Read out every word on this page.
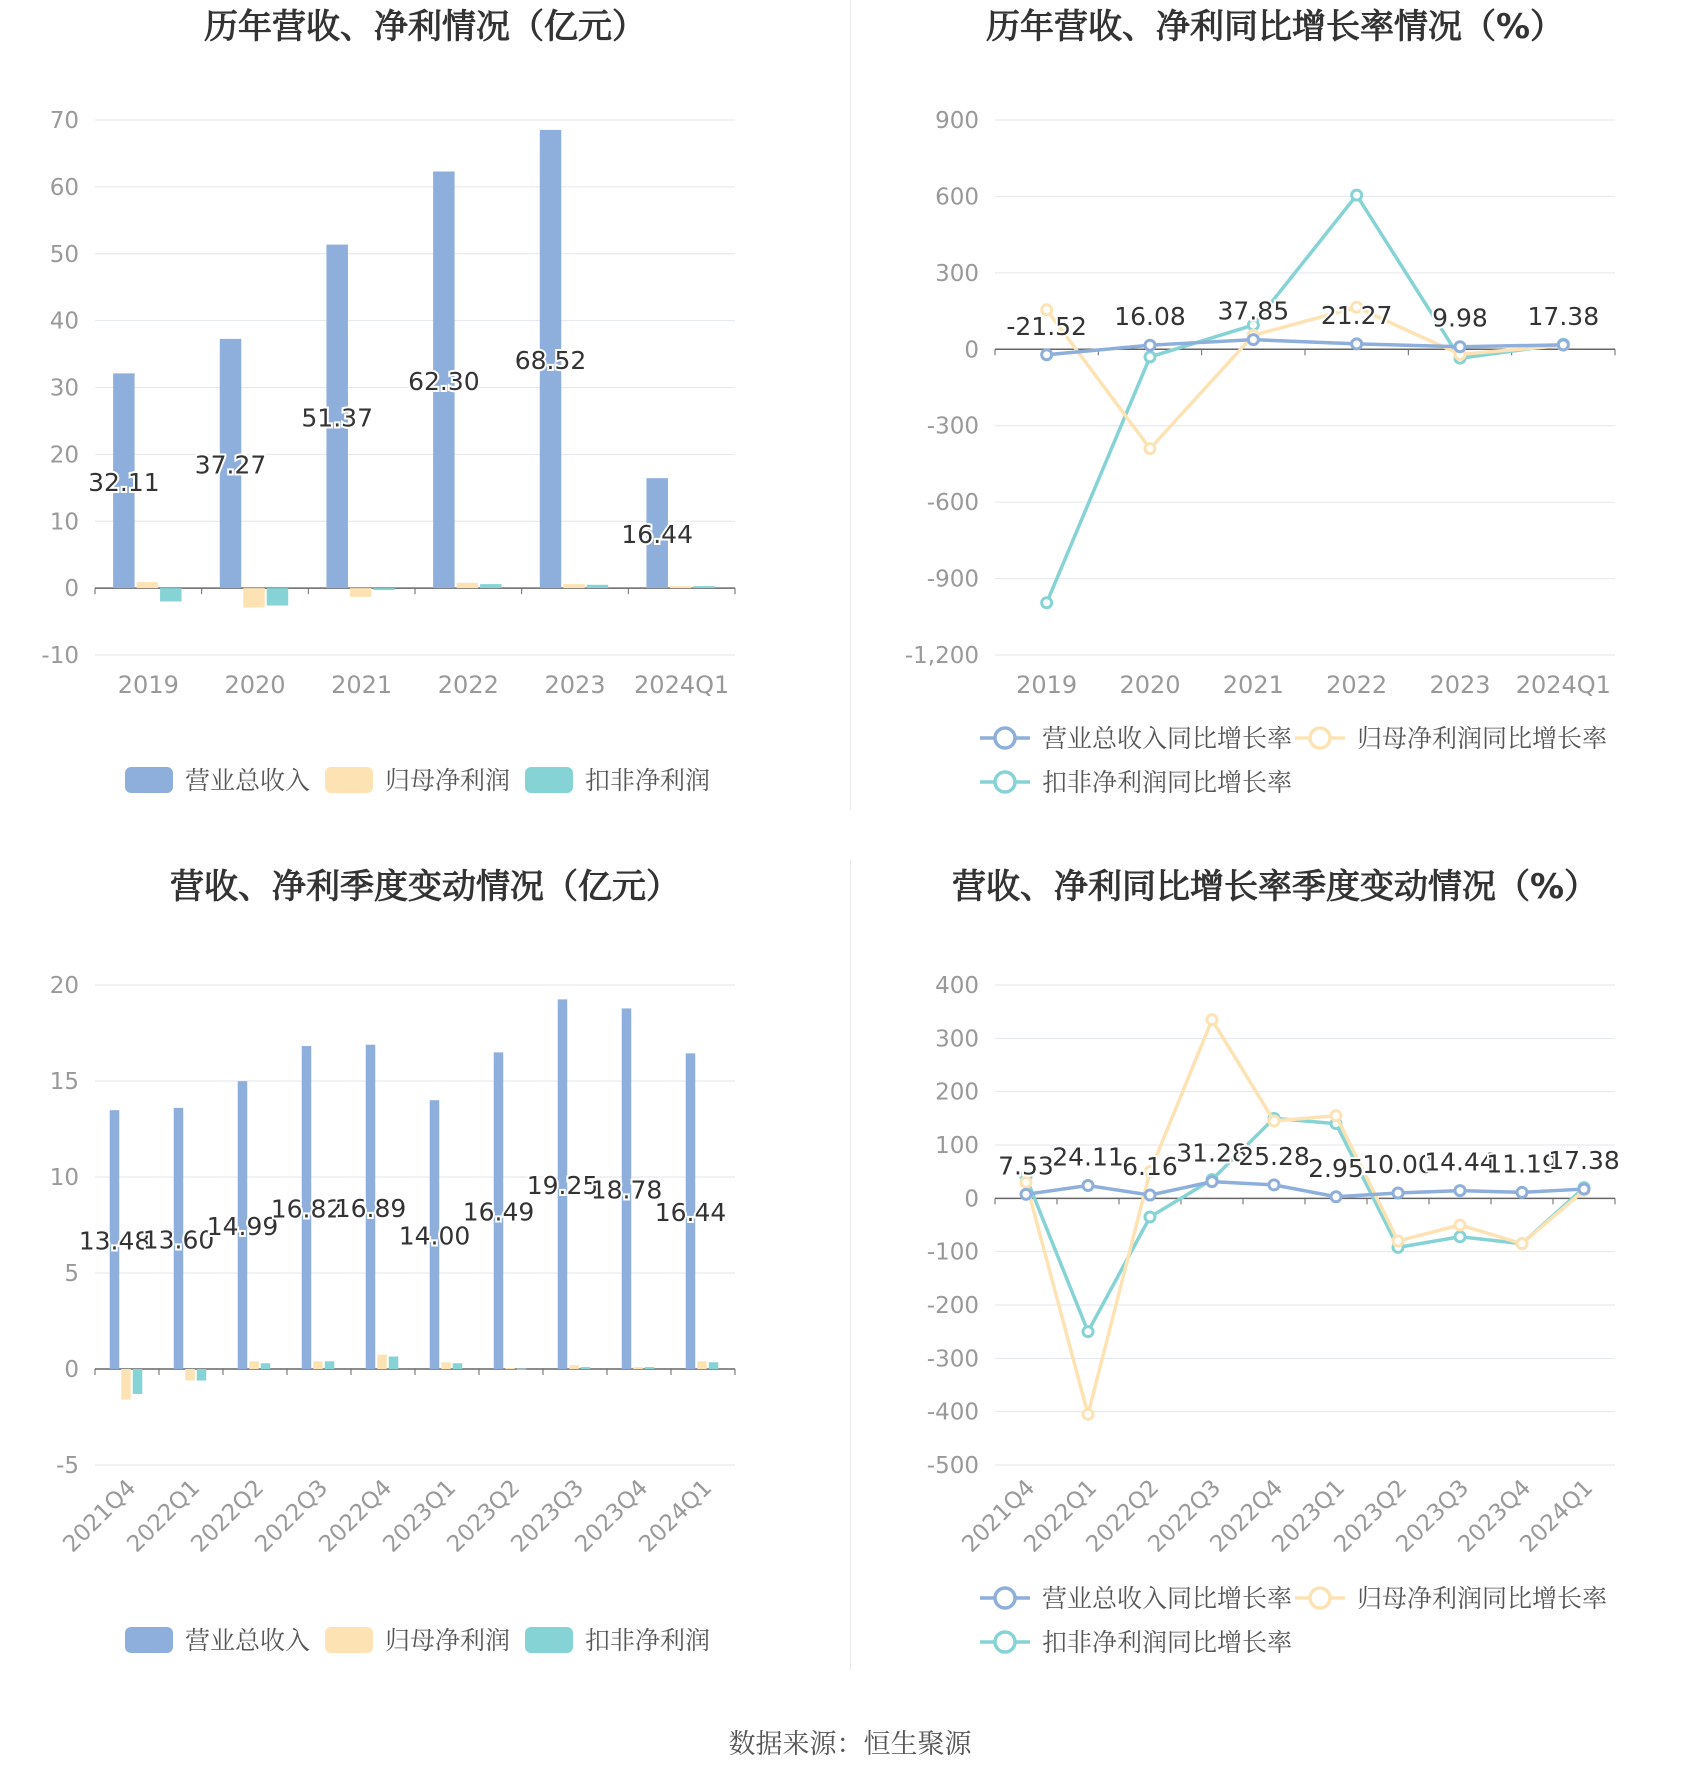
历年营收、净利情况（亿元）
70
60
50
40
30
20
10
0
-10
2019 2020 2021 2022 2023 2024Q1
32.11
37.27
51.37
62.30
68.52
16.44
营业总收入	归母净利润	扣非净利润
历年营收、净利同比增长率情况（%）
900
600
300
0
-300
-600
-900
-1,200
2019 2020 2021 2022 2023 2024Q1
-21.52 16.08 37.85 21.27 9.98 17.38
营业总收入同比增长率	归母净利润同比增长率
扣非净利润同比增长率
营收、净利季度变动情况（亿元）
20
15
10
5
0
-5
2021Q4
2022Q1
2022Q2
2022Q3
2022Q4
2023Q1
2023Q2
2023Q3
2023Q4
2024Q1
13.48
13.60
14.99
16.82
16.89
14.00
16.49
19.25
18.78
16.44
营业总收入	归母净利润	扣非净利润
营收、净利同比增长率季度变动情况（%）
400
300
200
100
0
-100
-200
-300
-400
-500
2021Q4
2022Q1
2022Q2
2022Q3
2022Q4
2023Q1
2023Q2
2023Q3
2023Q4
2024Q1
7.53
24.11
6.16
31.28
25.28
2.95
10.00
14.44
11.19
17.38
营业总收入同比增长率	归母净利润同比增长率
扣非净利润同比增长率
数据来源：恒生聚源
